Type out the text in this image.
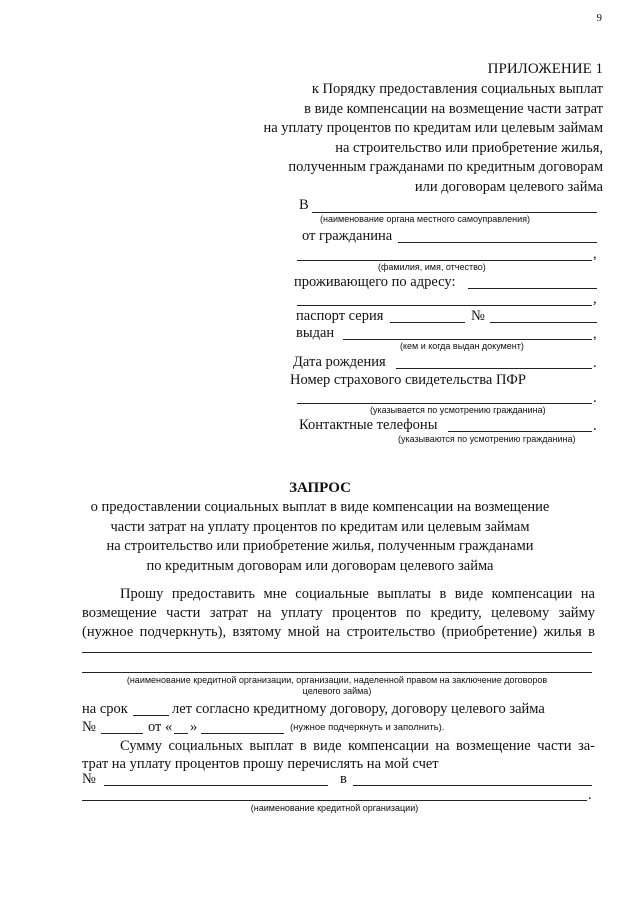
9
ПРИЛОЖЕНИЕ 1
к Порядку предоставления социальных выплат
в виде компенсации на возмещение части затрат
на уплату процентов по кредитам или целевым займам
на строительство или приобретение жилья,
полученным гражданами по кредитным договорам
или договорам целевого займа
В
(наименование органа местного самоуправления)
от гражданина
,
(фамилия, имя, отчество)
проживающего по адресу:
,
паспорт серия	№
выдан	,
(кем и когда выдан документ)
Дата рождения	.
Номер страхового свидетельства ПФР
.
(указывается по усмотрению гражданина)
Контактные телефоны	.
(указываются по усмотрению гражданина)
ЗАПРОС
о предоставлении социальных выплат в виде компенсации на возмещение
части затрат на уплату процентов по кредитам или целевым займам
на строительство или приобретение жилья, полученным гражданами
по кредитным договорам или договорам целевого займа
Прошу предоставить мне социальные выплаты в виде компенсации на
возмещение части затрат на уплату процентов по кредиту, целевому займу
(нужное подчеркнуть), взятому мной на строительство (приобретение) жилья в
(наименование кредитной организации, организации, наделенной правом на заключение договоров
целевого займа)
на срок	лет согласно кредитному договору, договору целевого займа
№	от « »	(нужное подчеркнуть и заполнить).
Сумму социальных выплат в виде компенсации на возмещение части за-
трат на уплату процентов прошу перечислять на мой счет
№	в
.
(наименование кредитной организации)
